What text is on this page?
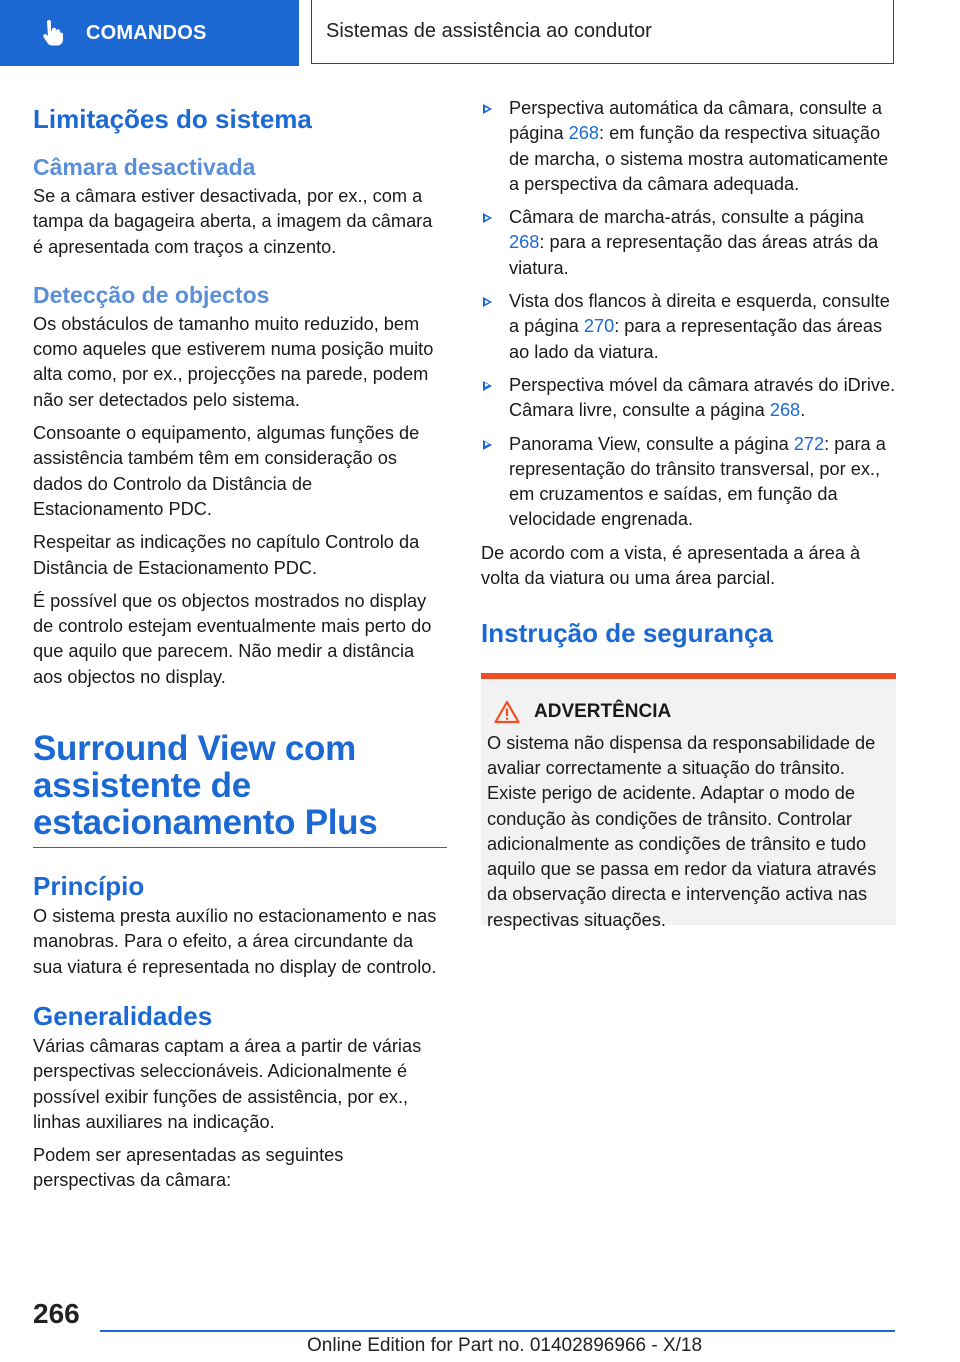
COMANDOS	Sistemas de assistência ao condutor
Limitações do sistema
Câmara desactivada

Se a câmara estiver desactivada, por ex., com a tampa da bagageira aberta, a imagem da câmara é apresentada com traços a cinzento.

Detecção de objectos

Os obstáculos de tamanho muito reduzido, bem como aqueles que estiverem numa posição muito alta como, por ex., projecções na parede, podem não ser detectados pelo sistema.

Consoante o equipamento, algumas funções de assistência também têm em consideração os dados do Controlo da Distância de Estacionamento PDC.

Respeitar as indicações no capítulo Controlo da Distância de Estacionamento PDC.

É possível que os objectos mostrados no display de controlo estejam eventualmente mais perto do que aquilo que parecem. Não medir a distância aos objectos no display.

Surround View com assistente de estacionamento Plus
Princípio

O sistema presta auxílio no estacionamento e nas manobras. Para o efeito, a área circundante da sua viatura é representada no display de controlo.

Generalidades

Várias câmaras captam a área a partir de várias perspectivas seleccionáveis. Adicionalmente é possível exibir funções de assistência, por ex., linhas auxiliares na indicação.

Podem ser apresentadas as seguintes perspectivas da câmara:

Perspectiva automática da câmara, consulte a página 268: em função da respectiva situação de marcha, o sistema mostra automaticamente a perspectiva da câmara adequada.
Câmara de marcha-atrás, consulte a página 268: para a representação das áreas atrás da viatura.
Vista dos flancos à direita e esquerda, consulte a página 270: para a representação das áreas ao lado da viatura.
Perspectiva móvel da câmara através do iDrive. Câmara livre, consulte a página 268.
Panorama View, consulte a página 272: para a representação do trânsito transversal, por ex., em cruzamentos e saídas, em função da velocidade engrenada.

De acordo com a vista, é apresentada a área à volta da viatura ou uma área parcial.

Instrução de segurança
ADVERTÊNCIA

O sistema não dispensa da responsabilidade de avaliar correctamente a situação do trânsito. Existe perigo de acidente. Adaptar o modo de condução às condições de trânsito. Controlar adicionalmente as condições de trânsito e tudo aquilo que se passa em redor da viatura através da observação directa e intervenção activa nas respectivas situações.

266
Online Edition for Part no. 01402896966 - X/18
